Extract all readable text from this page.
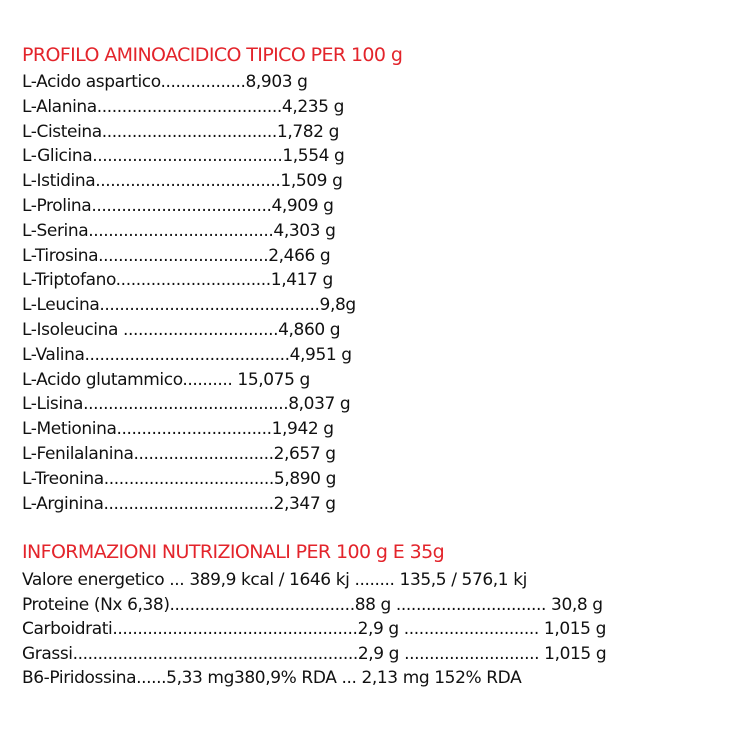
PROFILO AMINOACIDICO TIPICO PER 100 g
L-Acido aspartico.................8,903 g
L-Alanina.....................................4,235 g
L-Cisteina...................................1,782 g
L-Glicina......................................1,554 g
L-Istidina.....................................1,509 g
L-Prolina....................................4,909 g
L-Serina.....................................4,303 g
L-Tirosina..................................2,466 g
L-Triptofano...............................1,417 g
L-Leucina............................................9,8g
L-Isoleucina ...............................4,860 g
L-Valina.........................................4,951 g
L-Acido glutammico.......... 15,075 g
L-Lisina.........................................8,037 g
L-Metionina...............................1,942 g
L-Fenilalanina............................2,657 g
L-Treonina..................................5,890 g
L-Arginina..................................2,347 g
INFORMAZIONI NUTRIZIONALI PER 100 g E 35g
Valore energetico ... 389,9 kcal / 1646 kj ........ 135,5 / 576,1 kj
Proteine (Nx 6,38).....................................88 g .............................. 30,8 g
Carboidrati.................................................2,9 g ........................... 1,015 g
Grassi.........................................................2,9 g ........................... 1,015 g
B6-Piridossina......5,33 mg380,9% RDA ... 2,13 mg 152% RDA
